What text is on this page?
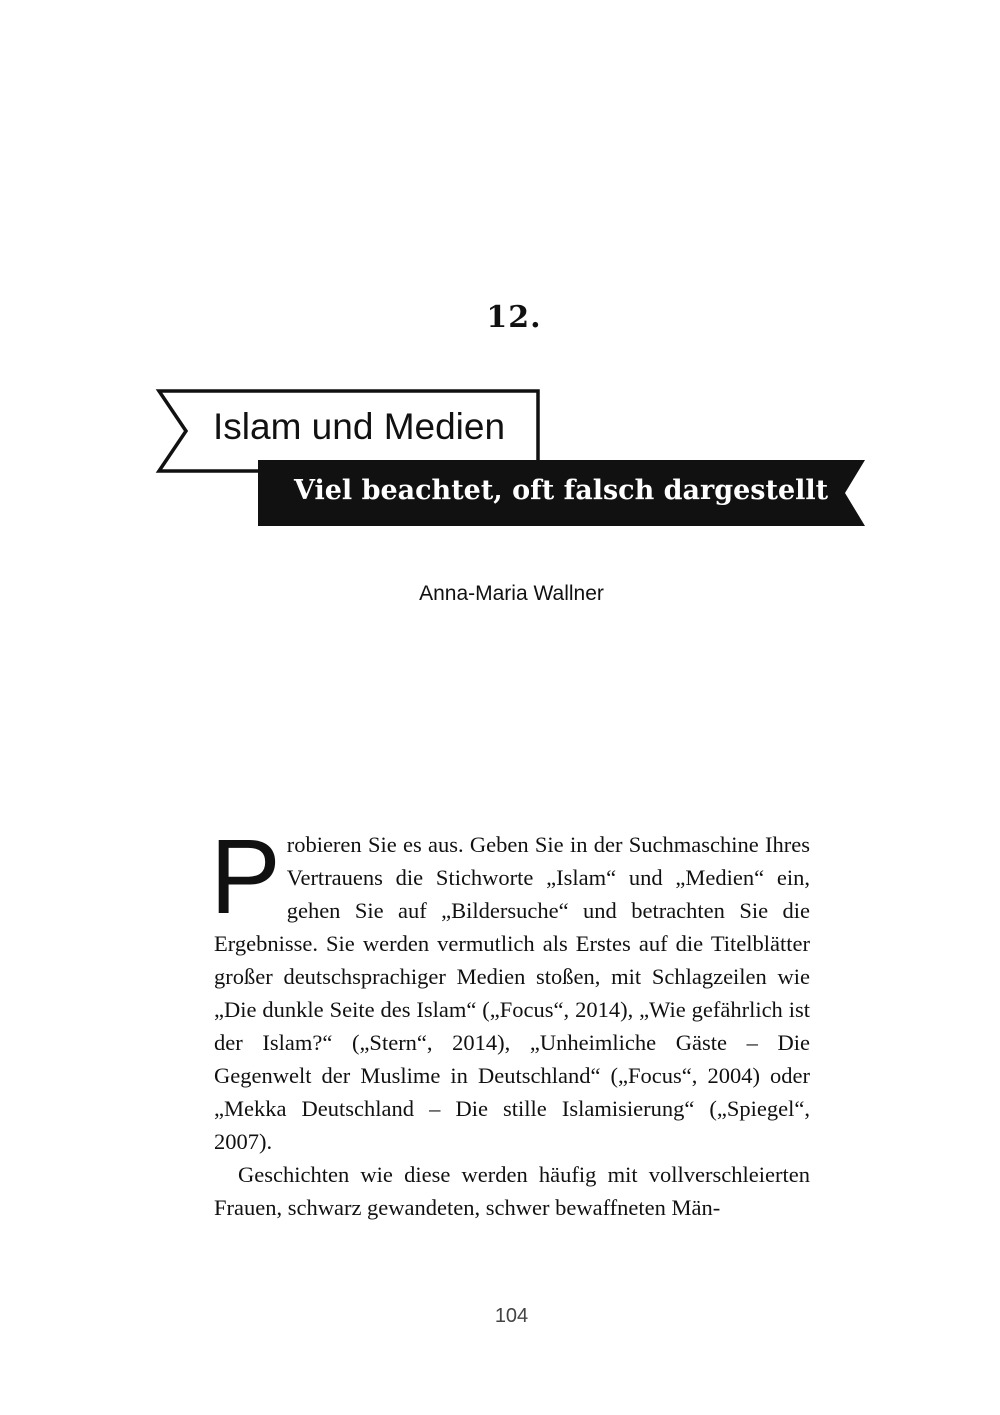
12.
Islam und Medien
Viel beachtet, oft falsch dargestellt
Anna-Maria Wallner

Probieren Sie es aus. Geben Sie in der Suchmaschine Ihres Vertrauens die Stichworte „Islam“ und „Medien“ ein, gehen Sie auf „Bildersuche“ und betrachten Sie die Ergebnisse. Sie werden vermutlich als Erstes auf die Titelblätter großer deutschsprachiger Medien stoßen, mit Schlagzeilen wie „Die dunkle Seite des Islam“ („Focus“, 2014), „Wie gefährlich ist der Islam?“ („Stern“, 2014), „Unheimliche Gäste – Die Gegenwelt der Muslime in Deutschland“ („Focus“, 2004) oder „Mekka Deutschland – Die stille Islamisierung“ („Spiegel“, 2007).

Geschichten wie diese werden häufig mit vollverschleierten Frauen, schwarz gewandeten, schwer bewaffneten Män-

104
